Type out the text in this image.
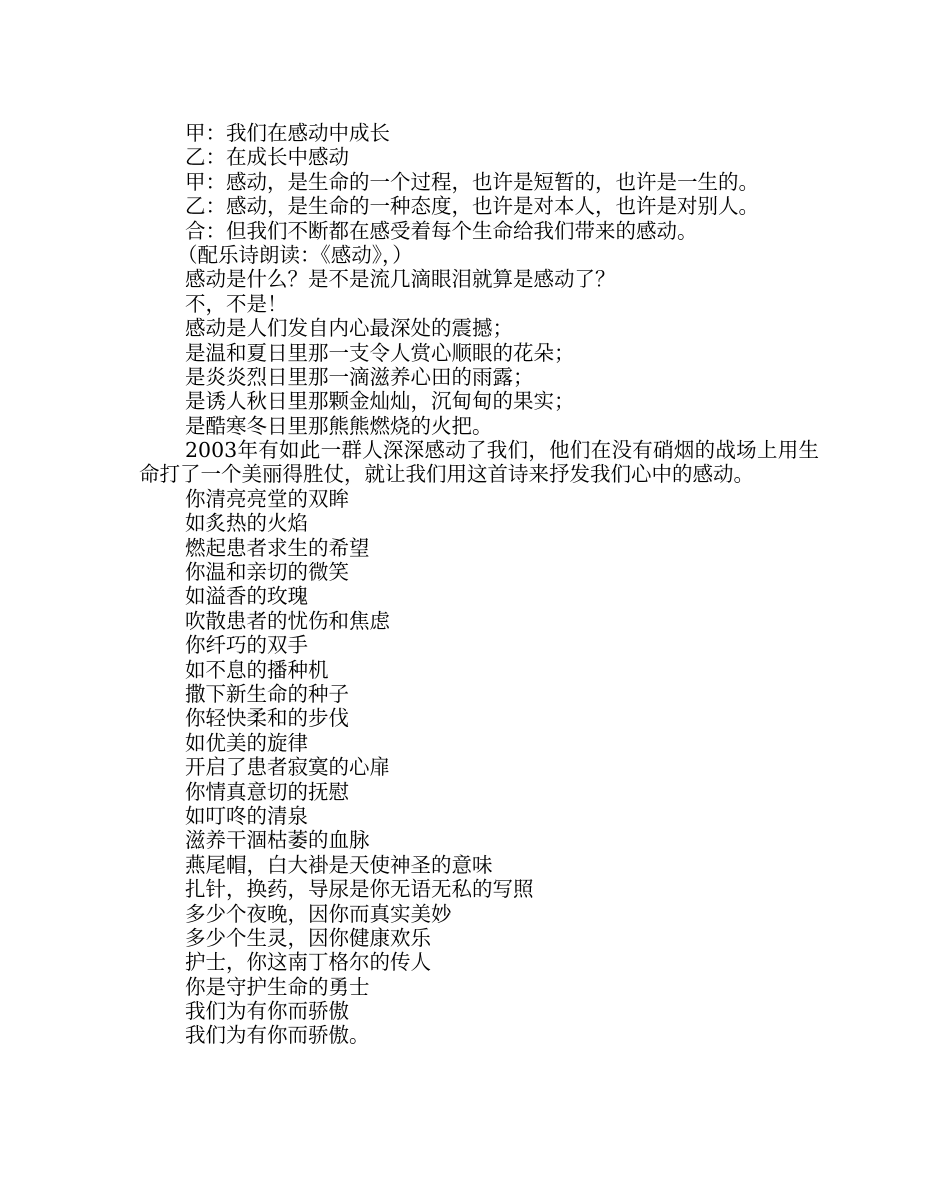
甲：我们在感动中成长
乙：在成长中感动
甲：感动，是生命的一个过程，也许是短暂的，也许是一生的。
乙：感动，是生命的一种态度，也许是对本人，也许是对别人。
合：但我们不断都在感受着每个生命给我们带来的感动。
（配乐诗朗读：《感动》，）
感动是什么？是不是流几滴眼泪就算是感动了？
不，不是！
感动是人们发自内心最深处的震撼；
是温和夏日里那一支令人赏心顺眼的花朵；
是炎炎烈日里那一滴滋养心田的雨露；
是诱人秋日里那颗金灿灿，沉甸甸的果实；
是酷寒冬日里那熊熊燃烧的火把。
2003年有如此一群人深深感动了我们，他们在没有硝烟的战场上用生命打了一个美丽得胜仗，就让我们用这首诗来抒发我们心中的感动。
你清亮亮堂的双眸
如炙热的火焰
燃起患者求生的希望
你温和亲切的微笑
如溢香的玫瑰
吹散患者的忧伤和焦虑
你纤巧的双手
如不息的播种机
撒下新生命的种子
你轻快柔和的步伐
如优美的旋律
开启了患者寂寞的心扉
你情真意切的抚慰
如叮咚的清泉
滋养干涸枯萎的血脉
燕尾帽，白大褂是天使神圣的意味
扎针，换药，导尿是你无语无私的写照
多少个夜晚，因你而真实美妙
多少个生灵，因你健康欢乐
护士，你这南丁格尔的传人
你是守护生命的勇士
我们为有你而骄傲
我们为有你而骄傲。
